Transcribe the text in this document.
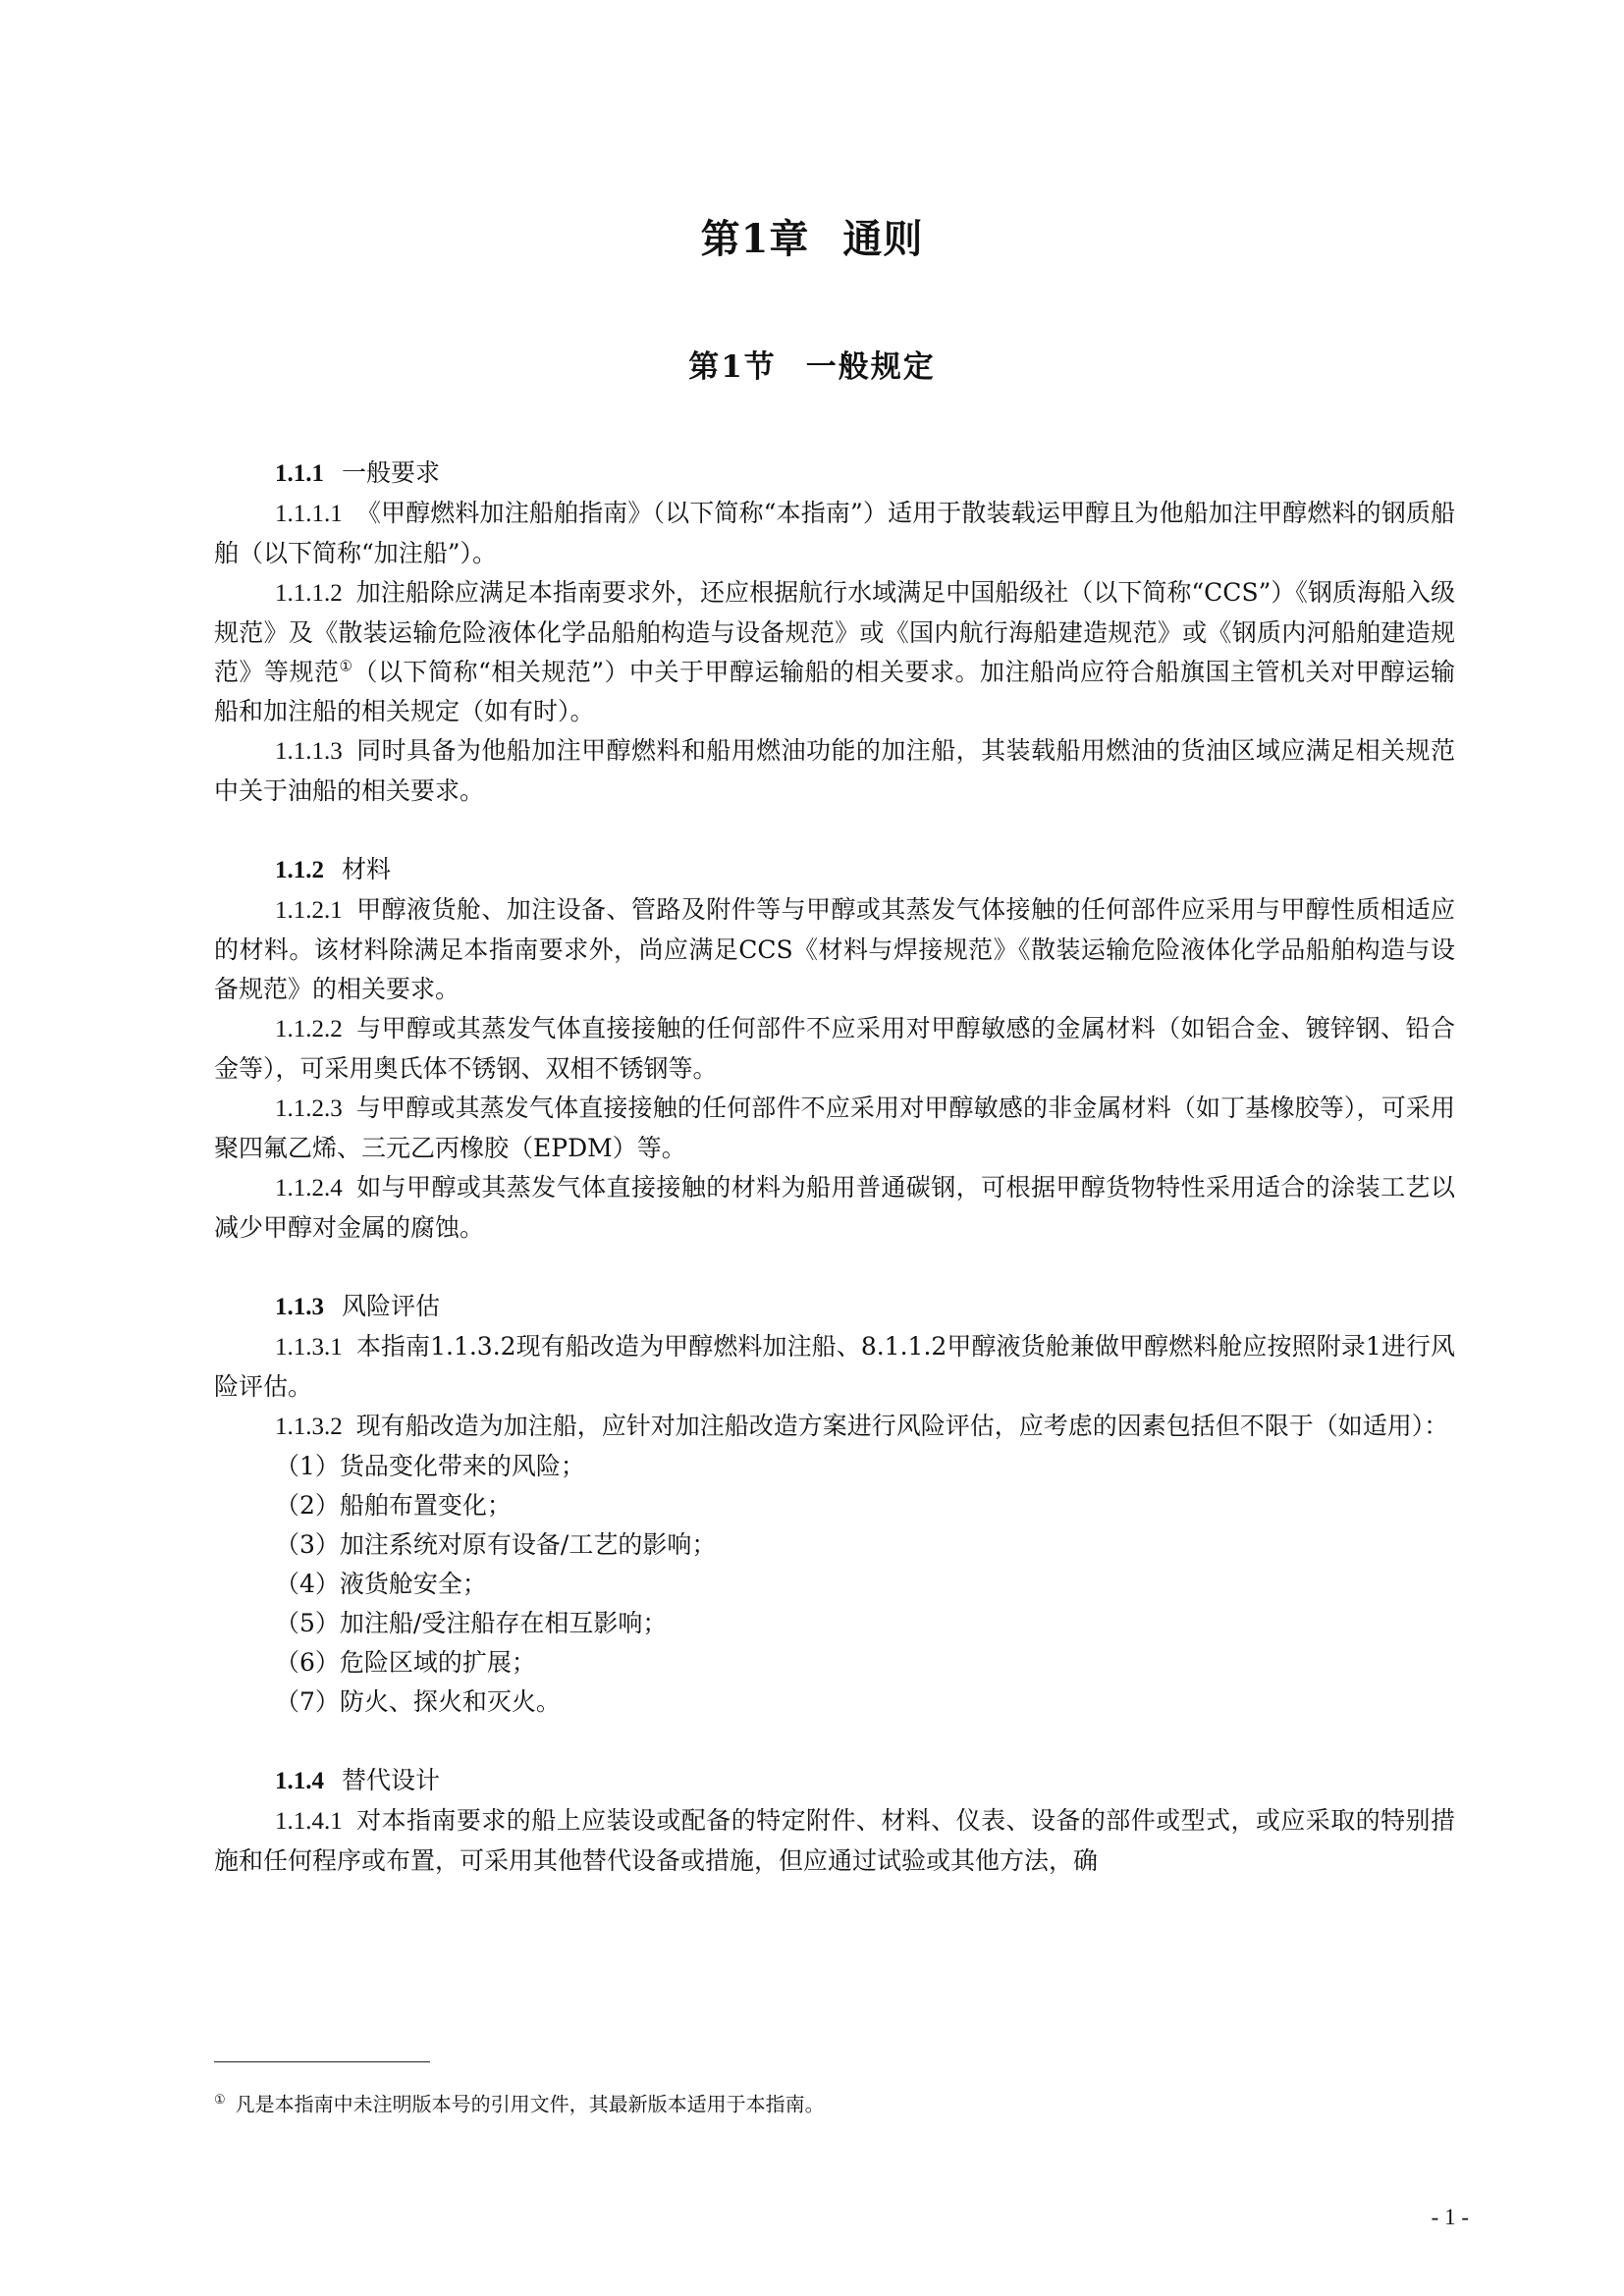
第1章 通则
第1节 一般规定

1.1.1 一般要求

1.1.1.1 《甲醇燃料加注船舶指南》（以下简称“本指南”）适用于散装载运甲醇且为他船加注甲醇燃料的钢质船舶（以下简称“加注船”）。

1.1.1.2 加注船除应满足本指南要求外，还应根据航行水域满足中国船级社（以下简称“CCS”）《钢质海船入级规范》及《散装运输危险液体化学品船舶构造与设备规范》或《国内航行海船建造规范》或《钢质内河船舶建造规范》等规范①（以下简称“相关规范”）中关于甲醇运输船的相关要求。加注船尚应符合船旗国主管机关对甲醇运输船和加注船的相关规定（如有时）。

1.1.1.3 同时具备为他船加注甲醇燃料和船用燃油功能的加注船，其装载船用燃油的货油区域应满足相关规范中关于油船的相关要求。

1.1.2 材料

1.1.2.1 甲醇液货舱、加注设备、管路及附件等与甲醇或其蒸发气体接触的任何部件应采用与甲醇性质相适应的材料。该材料除满足本指南要求外，尚应满足CCS《材料与焊接规范》《散装运输危险液体化学品船舶构造与设备规范》的相关要求。

1.1.2.2 与甲醇或其蒸发气体直接接触的任何部件不应采用对甲醇敏感的金属材料（如铝合金、镀锌钢、铅合金等），可采用奥氏体不锈钢、双相不锈钢等。

1.1.2.3 与甲醇或其蒸发气体直接接触的任何部件不应采用对甲醇敏感的非金属材料（如丁基橡胶等），可采用聚四氟乙烯、三元乙丙橡胶（EPDM）等。

1.1.2.4 如与甲醇或其蒸发气体直接接触的材料为船用普通碳钢，可根据甲醇货物特性采用适合的涂装工艺以减少甲醇对金属的腐蚀。

1.1.3 风险评估

1.1.3.1 本指南1.1.3.2现有船改造为甲醇燃料加注船、8.1.1.2甲醇液货舱兼做甲醇燃料舱应按照附录1进行风险评估。

1.1.3.2 现有船改造为加注船，应针对加注船改造方案进行风险评估，应考虑的因素包括但不限于（如适用）：

（1）货品变化带来的风险；

（2）船舶布置变化；

（3）加注系统对原有设备/工艺的影响；

（4）液货舱安全；

（5）加注船/受注船存在相互影响；

（6）危险区域的扩展；

（7）防火、探火和灭火。

1.1.4 替代设计

1.1.4.1 对本指南要求的船上应装设或配备的特定附件、材料、仪表、设备的部件或型式，或应采取的特别措施和任何程序或布置，可采用其他替代设备或措施，但应通过试验或其他方法，确

① 凡是本指南中未注明版本号的引用文件，其最新版本适用于本指南。
- 1 -
